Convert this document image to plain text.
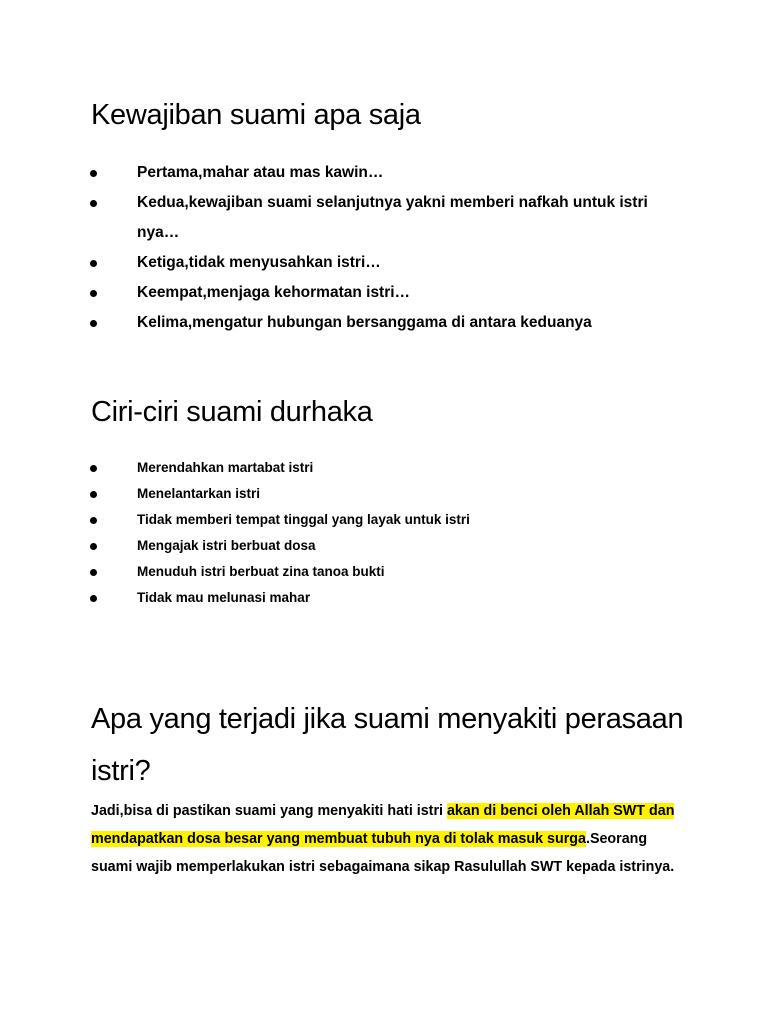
Kewajiban suami apa saja
Pertama,mahar atau mas kawin…
Kedua,kewajiban suami selanjutnya yakni memberi nafkah untuk istri nya…
Ketiga,tidak menyusahkan istri…
Keempat,menjaga kehormatan istri…
Kelima,mengatur hubungan bersanggama di antara keduanya
Ciri-ciri suami durhaka
Merendahkan martabat istri
Menelantarkan istri
Tidak memberi tempat tinggal yang layak untuk istri
Mengajak istri berbuat dosa
Menuduh istri berbuat zina tanoa bukti
Tidak mau melunasi mahar
Apa yang terjadi jika suami menyakiti perasaan istri?

Jadi,bisa di pastikan suami yang menyakiti hati istri akan di benci oleh Allah SWT dan mendapatkan dosa besar yang membuat tubuh nya di tolak masuk surga.Seorang suami wajib memperlakukan istri sebagaimana sikap Rasulullah SWT kepada istrinya.
